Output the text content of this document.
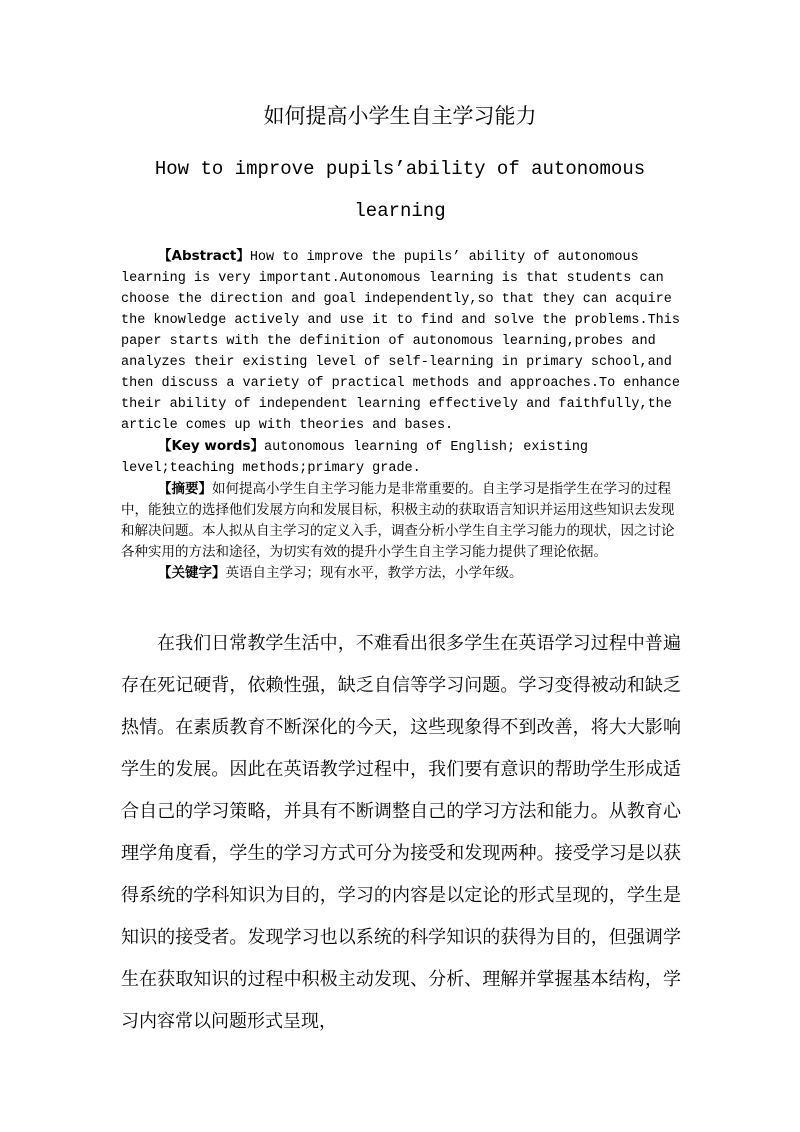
如何提高小学生自主学习能力
How to improve pupils’ability of autonomous learning

【Abstract】How to improve the pupils’ ability of autonomous learning is very important.Autonomous learning is that students can choose the direction and goal independently,so that they can acquire the knowledge actively and use it to find and solve the problems.This paper starts with the definition of autonomous learning,probes and analyzes their existing level of self-learning in primary school,and then discuss a variety of practical methods and approaches.To enhance their ability of independent learning effectively and faithfully,the article comes up with theories and bases.

【Key words】autonomous learning of English; existing level;teaching methods;primary grade.

【摘要】如何提高小学生自主学习能力是非常重要的。自主学习是指学生在学习的过程中，能独立的选择他们发展方向和发展目标，积极主动的获取语言知识并运用这些知识去发现和解决问题。本人拟从自主学习的定义入手，调查分析小学生自主学习能力的现状，因之讨论各种实用的方法和途径，为切实有效的提升小学生自主学习能力提供了理论依据。

【关键字】英语自主学习；现有水平，教学方法，小学年级。

在我们日常教学生活中，不难看出很多学生在英语学习过程中普遍存在死记硬背，依赖性强，缺乏自信等学习问题。学习变得被动和缺乏热情。在素质教育不断深化的今天，这些现象得不到改善，将大大影响学生的发展。因此在英语教学过程中，我们要有意识的帮助学生形成适合自己的学习策略，并具有不断调整自己的学习方法和能力。从教育心理学角度看，学生的学习方式可分为接受和发现两种。接受学习是以获得系统的学科知识为目的，学习的内容是以定论的形式呈现的，学生是知识的接受者。发现学习也以系统的科学知识的获得为目的，但强调学生在获取知识的过程中积极主动发现、分析、理解并掌握基本结构，学习内容常以问题形式呈现，
